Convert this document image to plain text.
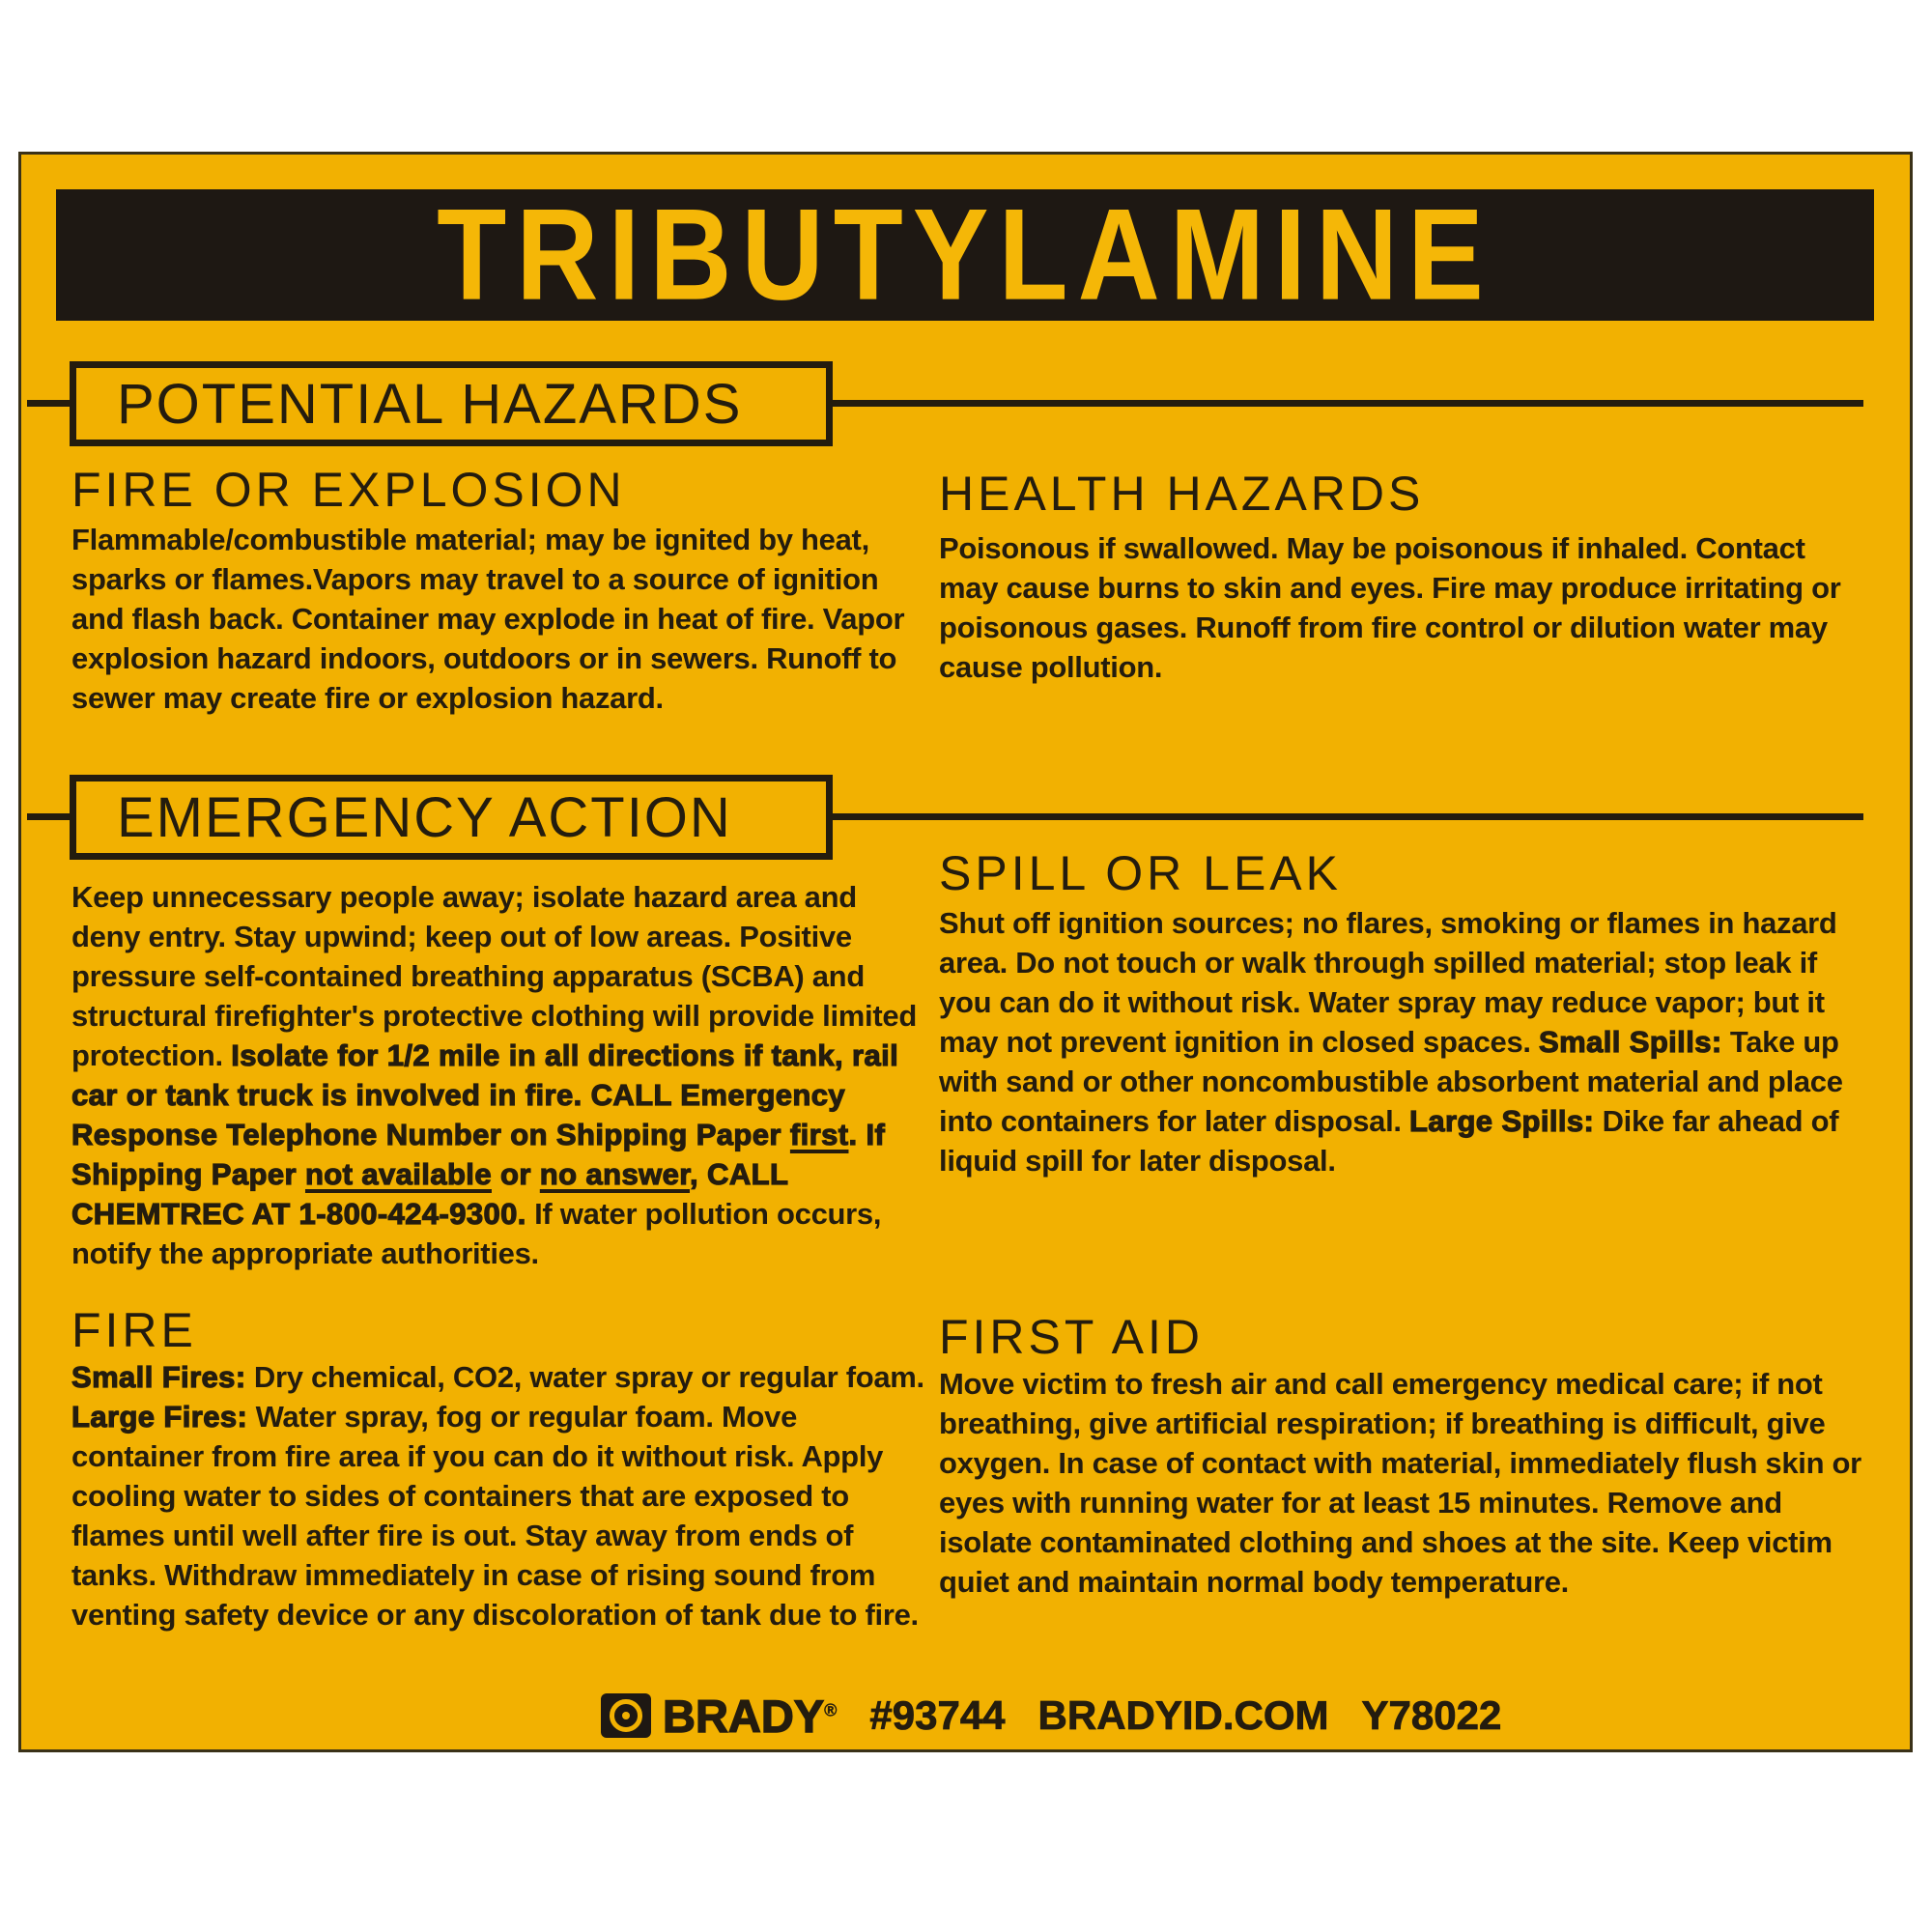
TRIBUTYLAMINE
POTENTIAL HAZARDS
FIRE OR EXPLOSION
Flammable/combustible material; may be ignited by heat, sparks or flames.Vapors may travel to a source of ignition and flash back. Container may explode in heat of fire. Vapor explosion hazard indoors, outdoors or in sewers. Runoff to sewer may create fire or explosion hazard.
HEALTH HAZARDS
Poisonous if swallowed. May be poisonous if inhaled. Contact may cause burns to skin and eyes. Fire may produce irritating or poisonous gases. Runoff from fire control or dilution water may cause pollution.
EMERGENCY ACTION
Keep unnecessary people away; isolate hazard area and deny entry. Stay upwind; keep out of low areas. Positive pressure self-contained breathing apparatus (SCBA) and structural firefighter's protective clothing will provide limited protection. Isolate for 1/2 mile in all directions if tank, rail car or tank truck is involved in fire. CALL Emergency Response Telephone Number on Shipping Paper first. If Shipping Paper not available or no answer, CALL CHEMTREC AT 1-800-424-9300. If water pollution occurs, notify the appropriate authorities.
SPILL OR LEAK
Shut off ignition sources; no flares, smoking or flames in hazard area. Do not touch or walk through spilled material; stop leak if you can do it without risk. Water spray may reduce vapor; but it may not prevent ignition in closed spaces. Small Spills: Take up with sand or other noncombustible absorbent material and place into containers for later disposal. Large Spills: Dike far ahead of liquid spill for later disposal.
FIRE
Small Fires: Dry chemical, CO2, water spray or regular foam. Large Fires: Water spray, fog or regular foam. Move container from fire area if you can do it without risk. Apply cooling water to sides of containers that are exposed to flames until well after fire is out. Stay away from ends of tanks. Withdraw immediately in case of rising sound from venting safety device or any discoloration of tank due to fire.
FIRST AID
Move victim to fresh air and call emergency medical care; if not breathing, give artificial respiration; if breathing is difficult, give oxygen. In case of contact with material, immediately flush skin or eyes with running water for at least 15 minutes. Remove and isolate contaminated clothing and shoes at the site. Keep victim quiet and maintain normal body temperature.
BRADY® #93744 BRADYID.COM Y78022
